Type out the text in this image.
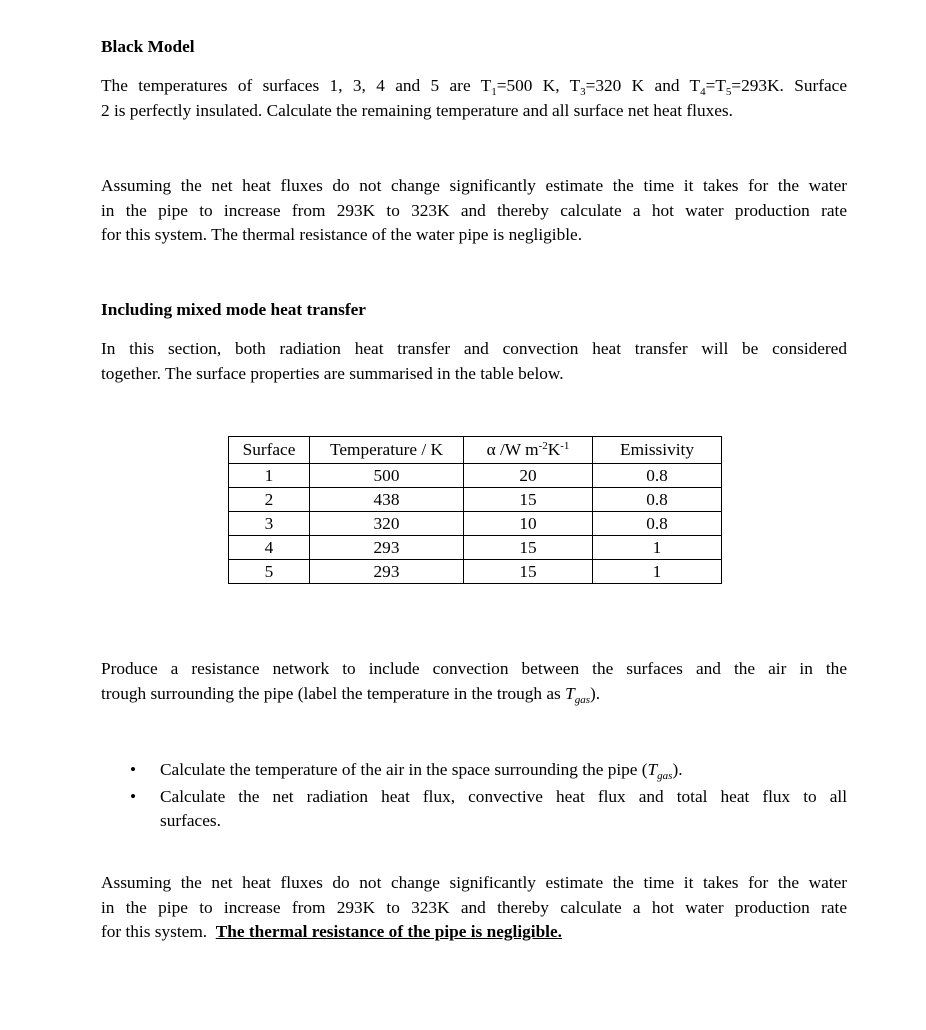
Black Model
The temperatures of surfaces 1, 3, 4 and 5 are $T_1=500$ K, $T_3=320$ K and $T_4=T_5=293K$. Surface
2 is perfectly insulated. Calculate the remaining temperature and all surface net heat fluxes.
Assuming the net heat fluxes do not change significantly estimate the time it takes for the water
in the pipe to increase from 293K to 323K and thereby calculate a hot water production rate
for this system. The thermal resistance of the water pipe is negligible.
Including mixed mode heat transfer
In this section, both radiation heat transfer and convection heat transfer will be considered
together. The surface properties are summarised in the table below.
Surface	Temperature / K	α /W $m^{-2}K^{-1}$	Emissivity
1	500	20	0.8
2	438	15	0.8
3	320	10	0.8
4	293	15	1
5	293	15	1
Produce a resistance network to include convection between the surfaces and the air in the
trough surrounding the pipe (label the temperature in the trough as $T_{gas}$).
• Calculate the temperature of the air in the space surrounding the pipe $(T_{gas})$.
• Calculate the net radiation heat flux, convective heat flux and total heat flux to all
surfaces.
Assuming the net heat fluxes do not change significantly estimate the time it takes for the water
in the pipe to increase from 293K to 323K and thereby calculate a hot water production rate
for this system.  The thermal resistance of the pipe is negligible.
